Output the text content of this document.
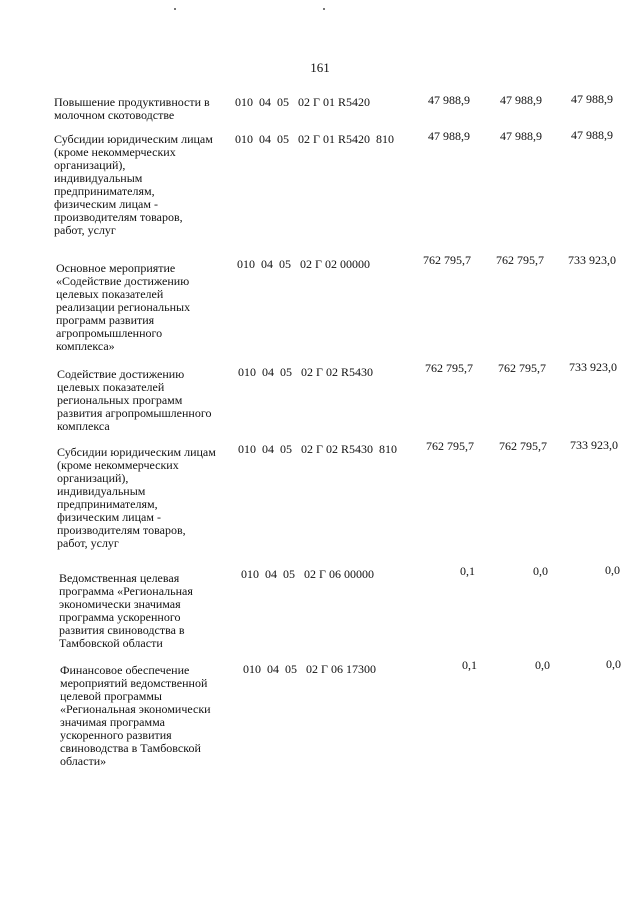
161
Повышение продуктивности в
молочном скотоводстве
010  04  05   02 Г 01 R5420	47 988,9	47 988,9	47 988,9
Субсидии юридическим лицам
(кроме некоммерческих
организаций),
индивидуальным
предпринимателям,
физическим лицам -
производителям товаров,
работ, услуг
010  04  05   02 Г 01 R5420  810	47 988,9	47 988,9	47 988,9
Основное мероприятие
«Содействие достижению
целевых показателей
реализации региональных
программ развития
агропромышленного
комплекса»
010  04  05   02 Г 02 00000	762 795,7	762 795,7	733 923,0
Содействие достижению
целевых показателей
региональных программ
развития агропромышленного
комплекса
010  04  05   02 Г 02 R5430	762 795,7	762 795,7	733 923,0
Субсидии юридическим лицам
(кроме некоммерческих
организаций),
индивидуальным
предпринимателям,
физическим лицам -
производителям товаров,
работ, услуг
010  04  05   02 Г 02 R5430  810	762 795,7	762 795,7	733 923,0
Ведомственная целевая
программа «Региональная
экономически значимая
программа ускоренного
развития свиноводства в
Тамбовской области
010  04  05   02 Г 06 00000	0,1	0,0	0,0
Финансовое обеспечение
мероприятий ведомственной
целевой программы
«Региональная экономически
значимая программа
ускоренного развития
свиноводства в Тамбовской
области»
010  04  05   02 Г 06 17300	0,1	0,0	0,0
